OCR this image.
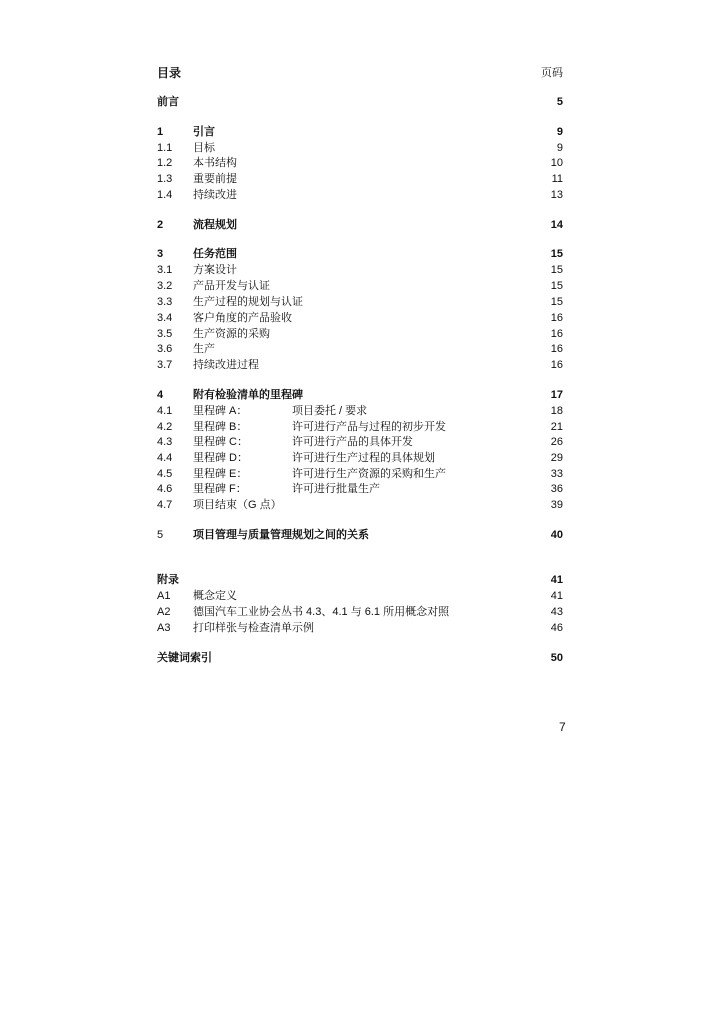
目录	页码
前言	5
1	引言	9
1.1 目标	9
1.2 本书结构	10
1.3 重要前提	11
1.4 持续改进	13
2	流程规划	14
3	任务范围	15
3.1 方案设计	15
3.2 产品开发与认证	15
3.3 生产过程的规划与认证	15
3.4 客户角度的产品验收	16
3.5 生产资源的采购	16
3.6 生产	16
3.7 持续改进过程	16
4	附有检验清单的里程碑	17
4.1 里程碑 A：	项目委托 / 要求	18
4.2 里程碑 B：	许可进行产品与过程的初步开发	21
4.3 里程碑 C：	许可进行产品的具体开发	26
4.4 里程碑 D：	许可进行生产过程的具体规划	29
4.5 里程碑 E：	许可进行生产资源的采购和生产	33
4.6 里程碑 F：	许可进行批量生产	36
4.7 项目结束（G 点）	39
5	项目管理与质量管理规划之间的关系	40
附录	41
A1 概念定义	41
A2 德国汽车工业协会丛书 4.3、4.1 与 6.1 所用概念对照	43
A3 打印样张与检查清单示例	46
关键词索引	50
7
